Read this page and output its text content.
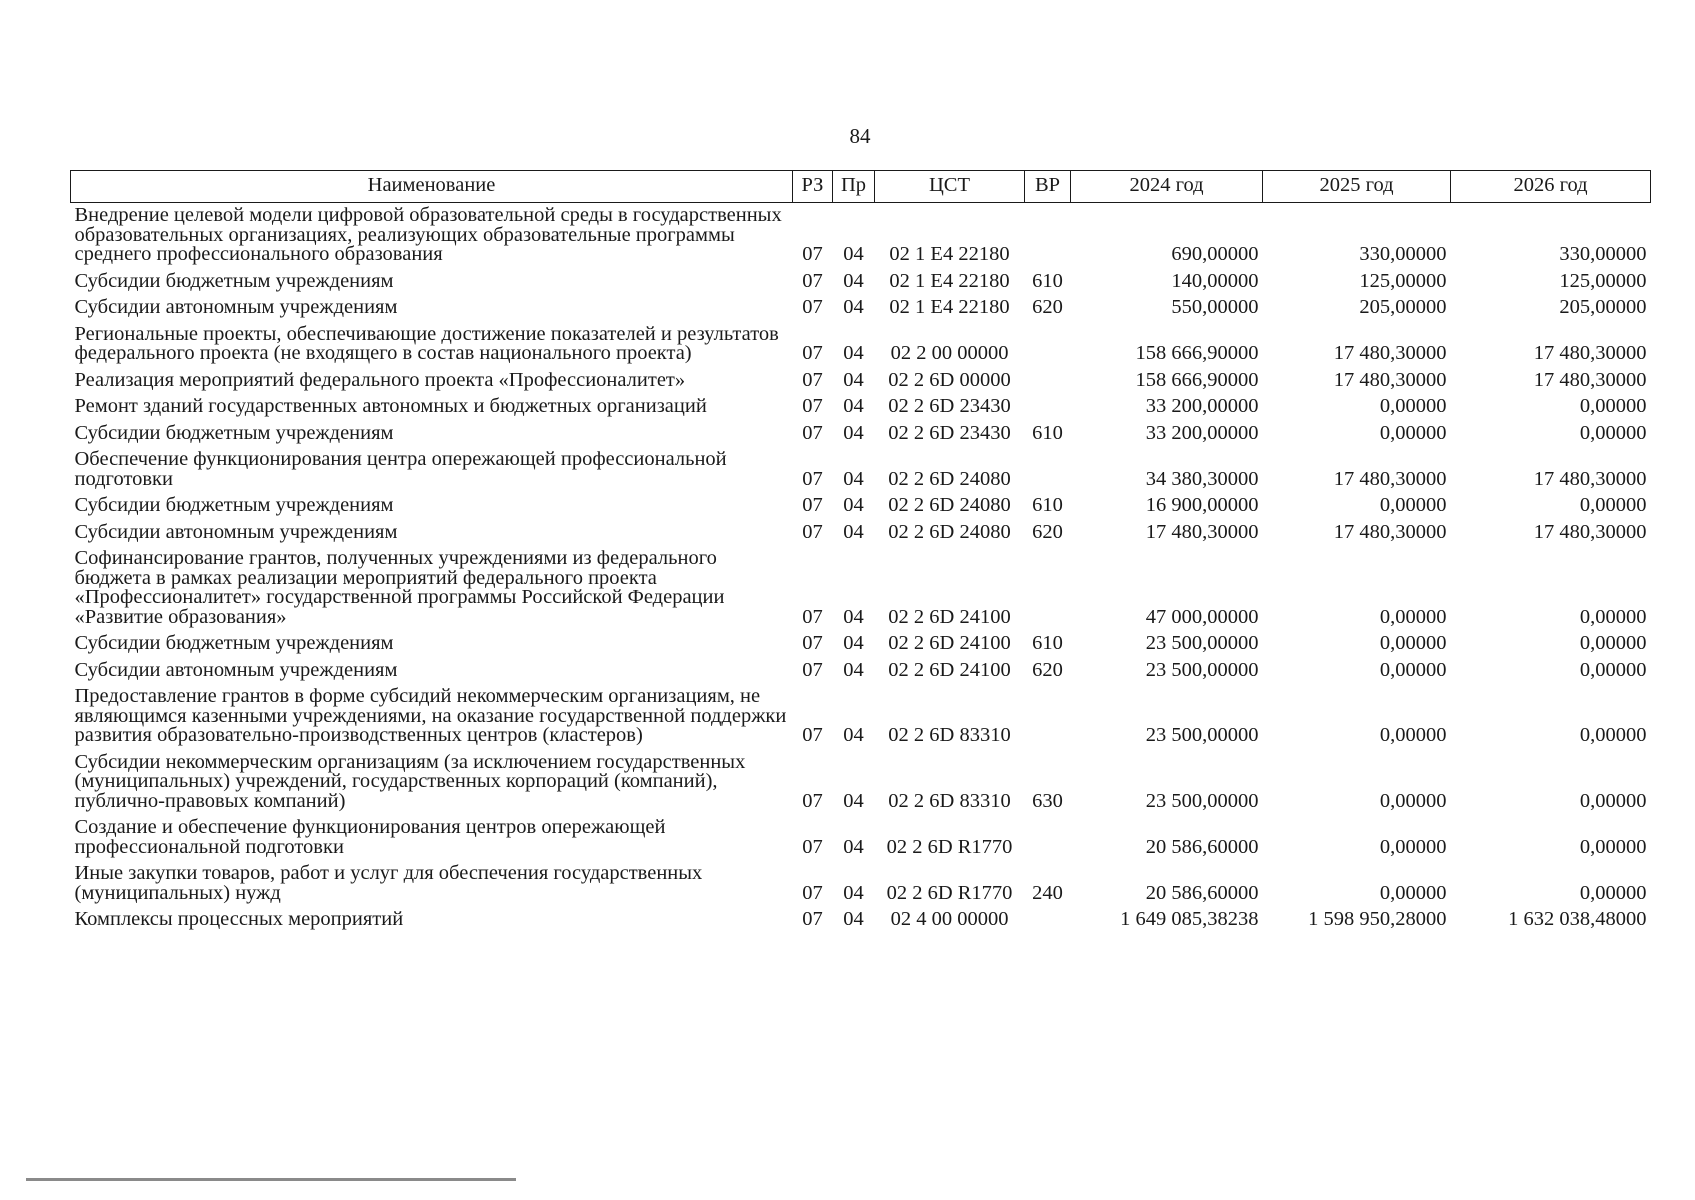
84
Наименование	РЗ	Пр	ЦСТ	ВР	2024 год	2025 год	2026 год
Внедрение целевой модели цифровой образовательной среды в государственных образовательных организациях, реализующих образовательные программы среднего профессионального образования	07	04	02 1 Е4 22180		690,00000	330,00000	330,00000
Субсидии бюджетным учреждениям	07	04	02 1 Е4 22180	610	140,00000	125,00000	125,00000
Субсидии автономным учреждениям	07	04	02 1 Е4 22180	620	550,00000	205,00000	205,00000
Региональные проекты, обеспечивающие достижение показателей и результатов федерального проекта (не входящего в состав национального проекта)	07	04	02 2 00 00000		158 666,90000	17 480,30000	17 480,30000
Реализация мероприятий федерального проекта «Профессионалитет»	07	04	02 2 6D 00000		158 666,90000	17 480,30000	17 480,30000
Ремонт зданий государственных автономных и бюджетных организаций	07	04	02 2 6D 23430		33 200,00000	0,00000	0,00000
Субсидии бюджетным учреждениям	07	04	02 2 6D 23430	610	33 200,00000	0,00000	0,00000
Обеспечение функционирования центра опережающей профессиональной подготовки	07	04	02 2 6D 24080		34 380,30000	17 480,30000	17 480,30000
Субсидии бюджетным учреждениям	07	04	02 2 6D 24080	610	16 900,00000	0,00000	0,00000
Субсидии автономным учреждениям	07	04	02 2 6D 24080	620	17 480,30000	17 480,30000	17 480,30000
Софинансирование грантов, полученных учреждениями из федерального бюджета в рамках реализации мероприятий федерального проекта «Профессионалитет» государственной программы Российской Федерации «Развитие образования»	07	04	02 2 6D 24100		47 000,00000	0,00000	0,00000
Субсидии бюджетным учреждениям	07	04	02 2 6D 24100	610	23 500,00000	0,00000	0,00000
Субсидии автономным учреждениям	07	04	02 2 6D 24100	620	23 500,00000	0,00000	0,00000
Предоставление грантов в форме субсидий некоммерческим организациям, не являющимся казенными учреждениями, на оказание государственной поддержки развития образовательно-производственных центров (кластеров)	07	04	02 2 6D 83310		23 500,00000	0,00000	0,00000
Субсидии некоммерческим организациям (за исключением государственных (муниципальных) учреждений, государственных корпораций (компаний), публично-правовых компаний)	07	04	02 2 6D 83310	630	23 500,00000	0,00000	0,00000
Создание и обеспечение функционирования центров опережающей профессиональной подготовки	07	04	02 2 6D R1770		20 586,60000	0,00000	0,00000
Иные закупки товаров, работ и услуг для обеспечения государственных (муниципальных) нужд	07	04	02 2 6D R1770	240	20 586,60000	0,00000	0,00000
Комплексы процессных мероприятий	07	04	02 4 00 00000		1 649 085,38238	1 598 950,28000	1 632 038,48000
